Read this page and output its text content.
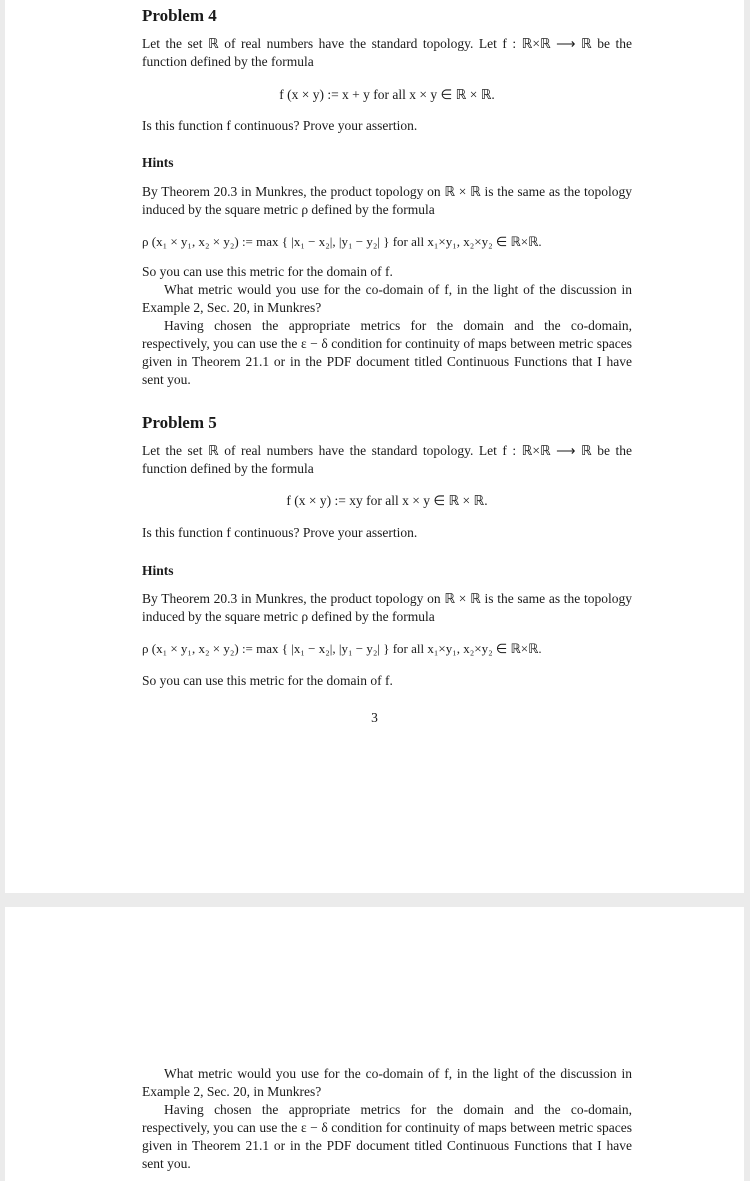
Problem 4

Let the set ℝ of real numbers have the standard topology. Let f : ℝ×ℝ ⟶ ℝ be the function defined by the formula

f (x × y) := x + y for all x × y ∈ ℝ × ℝ.

Is this function f continuous? Prove your assertion.

Hints

By Theorem 20.3 in Munkres, the product topology on ℝ × ℝ is the same as the topology induced by the square metric ρ defined by the formula

ρ (x₁ × y₁, x₂ × y₂) := max { |x₁ − x₂|, |y₁ − y₂| } for all x₁×y₁, x₂×y₂ ∈ ℝ×ℝ.

So you can use this metric for the domain of f.

What metric would you use for the co-domain of f, in the light of the discussion in Example 2, Sec. 20, in Munkres?

Having chosen the appropriate metrics for the domain and the co-domain, respectively, you can use the ε − δ condition for continuity of maps between metric spaces given in Theorem 21.1 or in the PDF document titled Continuous Functions that I have sent you.

Problem 5

Let the set ℝ of real numbers have the standard topology. Let f : ℝ×ℝ ⟶ ℝ be the function defined by the formula

f (x × y) := xy for all x × y ∈ ℝ × ℝ.

Is this function f continuous? Prove your assertion.

Hints

By Theorem 20.3 in Munkres, the product topology on ℝ × ℝ is the same as the topology induced by the square metric ρ defined by the formula

ρ (x₁ × y₁, x₂ × y₂) := max { |x₁ − x₂|, |y₁ − y₂| } for all x₁×y₁, x₂×y₂ ∈ ℝ×ℝ.

So you can use this metric for the domain of f.

3

What metric would you use for the co-domain of f, in the light of the discussion in Example 2, Sec. 20, in Munkres?

Having chosen the appropriate metrics for the domain and the co-domain, respectively, you can use the ε − δ condition for continuity of maps between metric spaces given in Theorem 21.1 or in the PDF document titled Continuous Functions that I have sent you.
